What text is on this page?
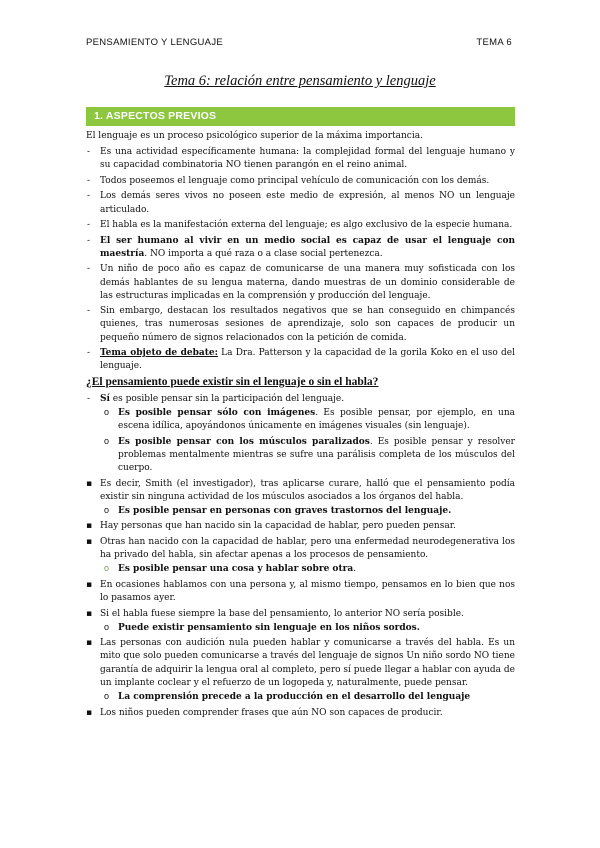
PENSAMIENTO Y LENGUAJE	TEMA 6
Tema 6: relación entre pensamiento y lenguaje
1. ASPECTOS PREVIOS

El lenguaje es un proceso psicológico superior de la máxima importancia.

- Es una actividad específicamente humana: la complejidad formal del lenguaje humano y su capacidad combinatoria NO tienen parangón en el reino animal.
- Todos poseemos el lenguaje como principal vehículo de comunicación con los demás.
- Los demás seres vivos no poseen este medio de expresión, al menos NO un lenguaje articulado.
- El habla es la manifestación externa del lenguaje; es algo exclusivo de la especie humana.
- El ser humano al vivir en un medio social es capaz de usar el lenguaje con maestría. NO importa a qué raza o a clase social pertenezca.
- Un niño de poco año es capaz de comunicarse de una manera muy sofisticada con los demás hablantes de su lengua materna, dando muestras de un dominio considerable de las estructuras implicadas en la comprensión y producción del lenguaje.
- Sin embargo, destacan los resultados negativos que se han conseguido en chimpancés quienes, tras numerosas sesiones de aprendizaje, solo son capaces de producir un pequeño número de signos relacionados con la petición de comida.
- Tema objeto de debate: La Dra. Patterson y la capacidad de la gorila Koko en el uso del lenguaje.
¿El pensamiento puede existir sin el lenguaje o sin el habla?
- Sí es posible pensar sin la participación del lenguaje.
o Es posible pensar sólo con imágenes. Es posible pensar, por ejemplo, en una escena idílica, apoyándonos únicamente en imágenes visuales (sin lenguaje).
o Es posible pensar con los músculos paralizados. Es posible pensar y resolver problemas mentalmente mientras se sufre una parálisis completa de los músculos del cuerpo.
▪ Es decir, Smith (el investigador), tras aplicarse curare, halló que el pensamiento podía existir sin ninguna actividad de los músculos asociados a los órganos del habla.
o Es posible pensar en personas con graves trastornos del lenguaje.
▪ Hay personas que han nacido sin la capacidad de hablar, pero pueden pensar.
▪ Otras han nacido con la capacidad de hablar, pero una enfermedad neurodegenerativa los ha privado del habla, sin afectar apenas a los procesos de pensamiento.
o Es posible pensar una cosa y hablar sobre otra.
▪ En ocasiones hablamos con una persona y, al mismo tiempo, pensamos en lo bien que nos lo pasamos ayer.
▪ Si el habla fuese siempre la base del pensamiento, lo anterior NO sería posible.
o Puede existir pensamiento sin lenguaje en los niños sordos.
▪ Las personas con audición nula pueden hablar y comunicarse a través del habla. Es un mito que solo pueden comunicarse a través del lenguaje de signos Un niño sordo NO tiene garantía de adquirir la lengua oral al completo, pero sí puede llegar a hablar con ayuda de un implante coclear y el refuerzo de un logopeda y, naturalmente, puede pensar.
o La comprensión precede a la producción en el desarrollo del lenguaje
▪ Los niños pueden comprender frases que aún NO son capaces de producir.
